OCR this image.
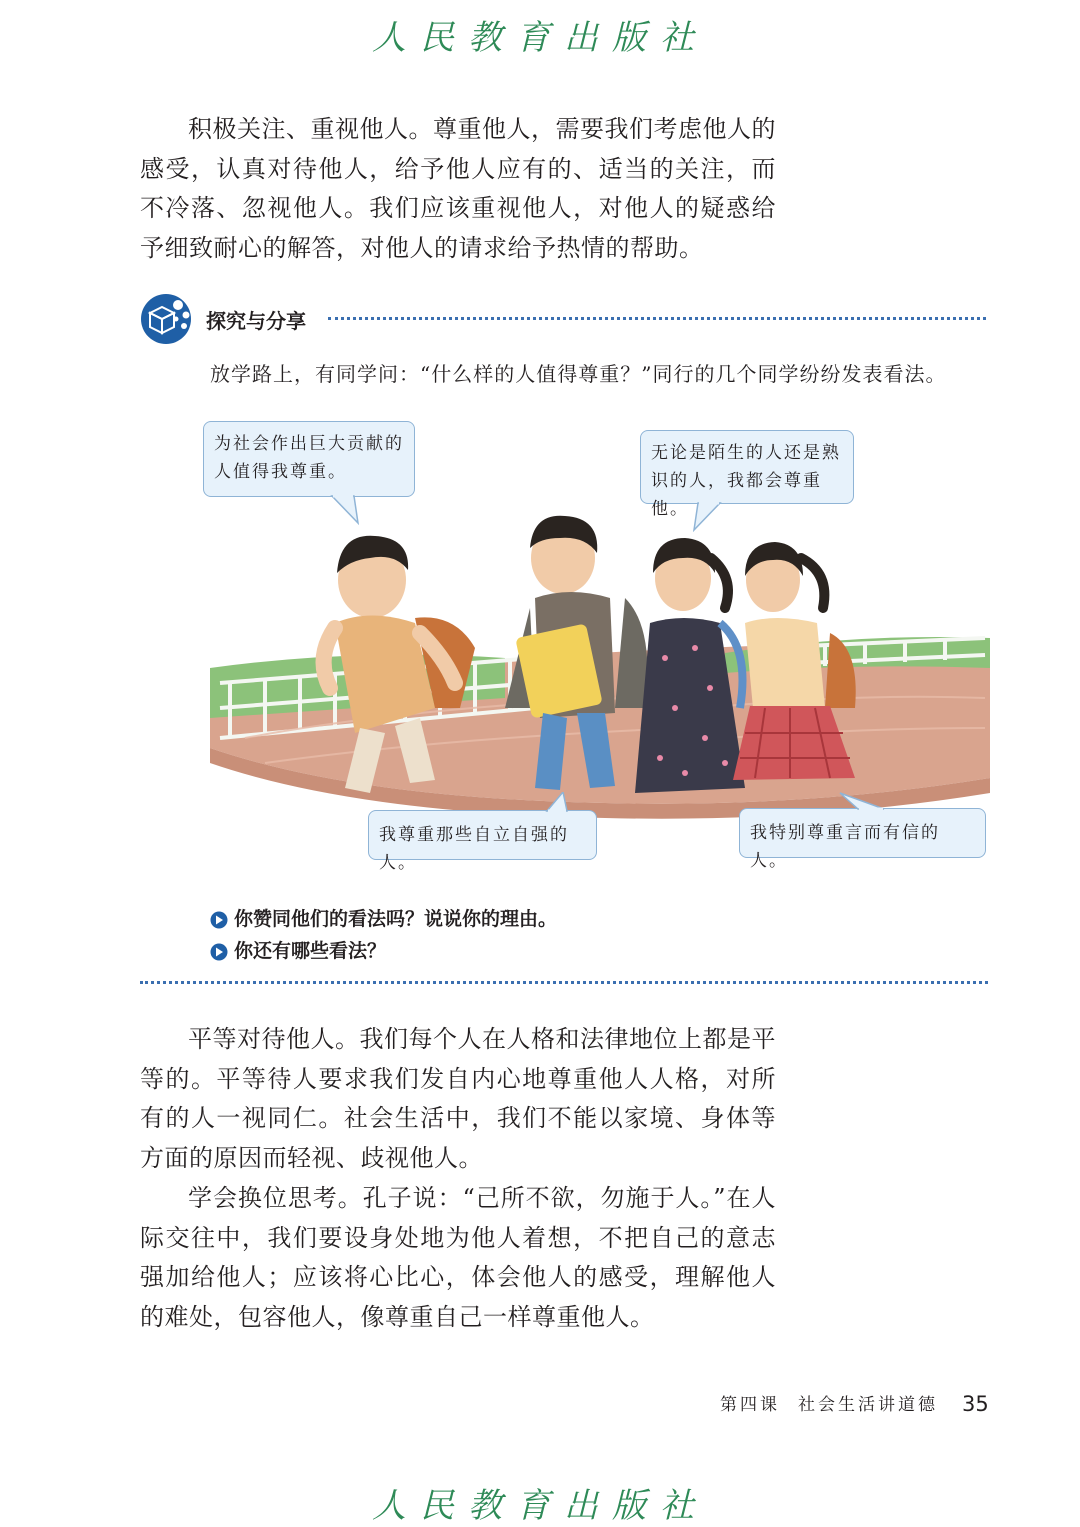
人民教育出版社

积极关注、重视他人。尊重他人，需要我们考虑他人的感受，认真对待他人，给予他人应有的、适当的关注，而不冷落、忽视他人。我们应该重视他人，对他人的疑惑给予细致耐心的解答，对他人的请求给予热情的帮助。

探究与分享

放学路上，有同学问：“什么样的人值得尊重？”同行的几个同学纷纷发表看法。

为社会作出巨大贡献的人值得我尊重。
无论是陌生的人还是熟识的人，我都会尊重他。
我尊重那些自立自强的人。
我特别尊重言而有信的人。
你赞同他们的看法吗？说说你的理由。
你还有哪些看法？

平等对待他人。我们每个人在人格和法律地位上都是平等的。平等待人要求我们发自内心地尊重他人人格，对所有的人一视同仁。社会生活中，我们不能以家境、身体等方面的原因而轻视、歧视他人。

学会换位思考。孔子说：“己所不欲，勿施于人。”在人际交往中，我们要设身处地为他人着想，不把自己的意志强加给他人；应该将心比心，体会他人的感受，理解他人的难处，包容他人，像尊重自己一样尊重他人。

第四课 社会生活讲道德	35
人民教育出版社
